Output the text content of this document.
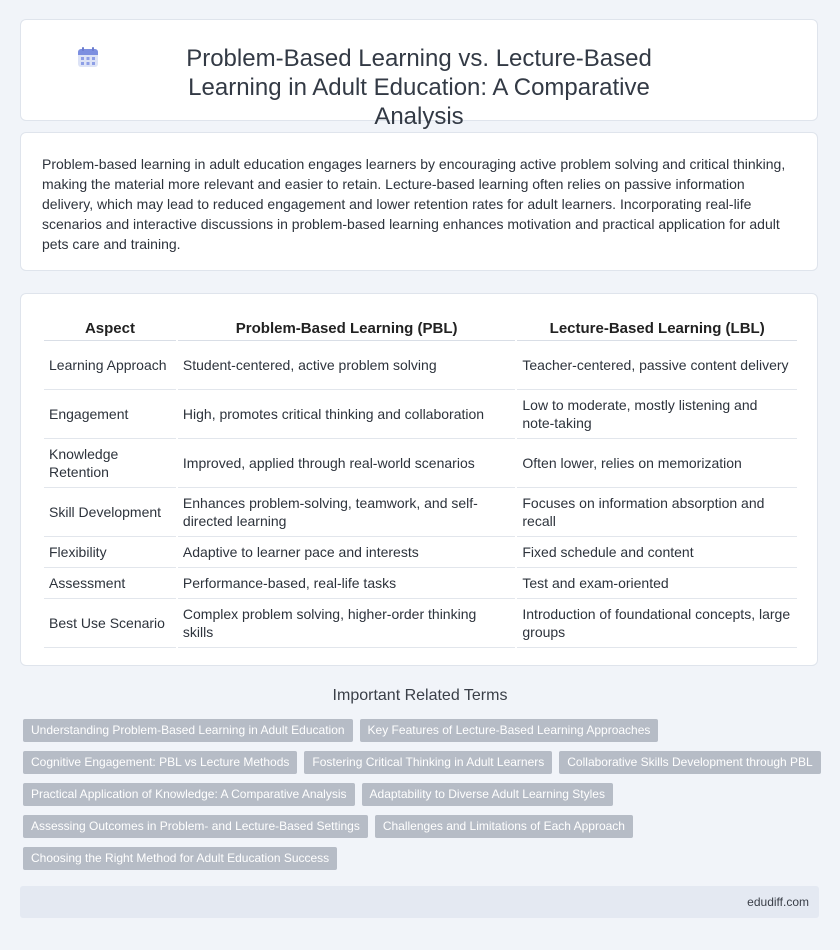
Problem-Based Learning vs. Lecture-Based Learning in Adult Education: A Comparative Analysis
Problem-based learning in adult education engages learners by encouraging active problem solving and critical thinking, making the material more relevant and easier to retain. Lecture-based learning often relies on passive information delivery, which may lead to reduced engagement and lower retention rates for adult learners. Incorporating real-life scenarios and interactive discussions in problem-based learning enhances motivation and practical application for adult pets care and training.
Aspect	Problem-Based Learning (PBL)	Lecture-Based Learning (LBL)
Learning Approach	Student-centered, active problem solving	Teacher-centered, passive content delivery
Engagement	High, promotes critical thinking and collaboration	Low to moderate, mostly listening and note-taking
Knowledge Retention	Improved, applied through real-world scenarios	Often lower, relies on memorization
Skill Development	Enhances problem-solving, teamwork, and self-directed learning	Focuses on information absorption and recall
Flexibility	Adaptive to learner pace and interests	Fixed schedule and content
Assessment	Performance-based, real-life tasks	Test and exam-oriented
Best Use Scenario	Complex problem solving, higher-order thinking skills	Introduction of foundational concepts, large groups
Important Related Terms
Understanding Problem-Based Learning in Adult Education	Key Features of Lecture-Based Learning Approaches
Cognitive Engagement: PBL vs Lecture Methods	Fostering Critical Thinking in Adult Learners	Collaborative Skills Development through PBL
Practical Application of Knowledge: A Comparative Analysis	Adaptability to Diverse Adult Learning Styles
Assessing Outcomes in Problem- and Lecture-Based Settings	Challenges and Limitations of Each Approach
Choosing the Right Method for Adult Education Success
edudiff.com
